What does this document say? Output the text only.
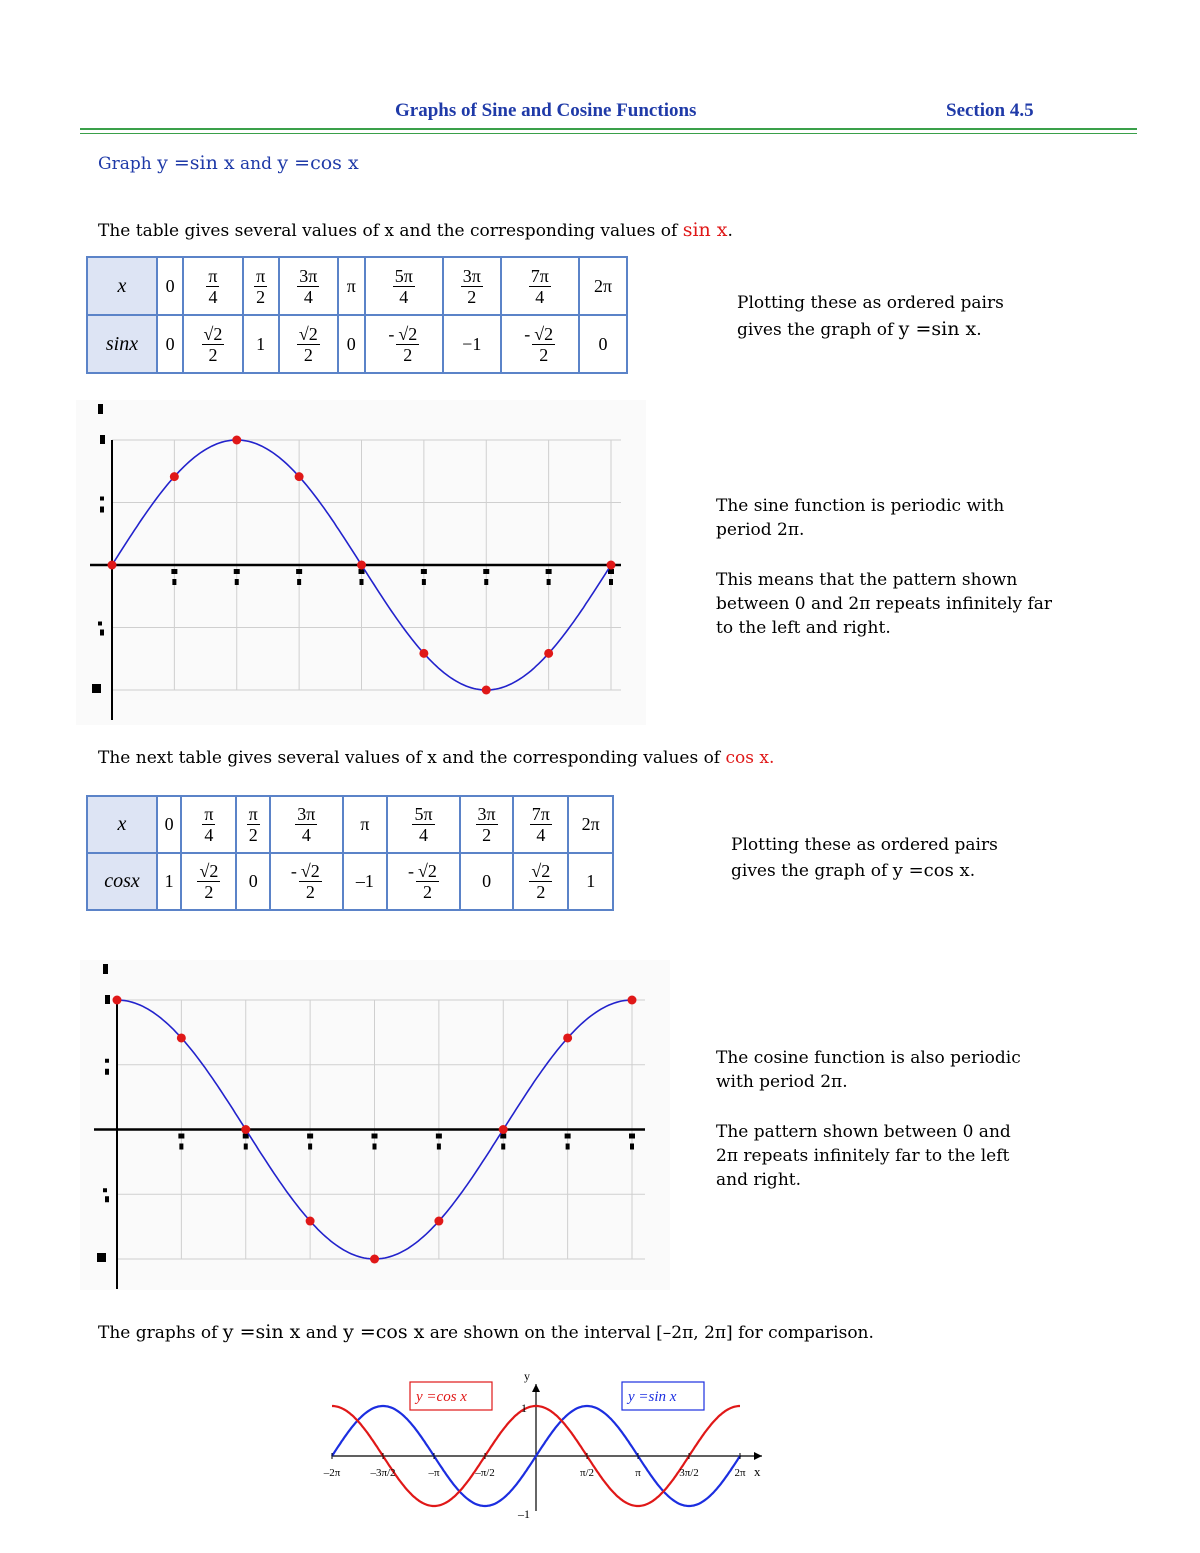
Graphs of Sine and Cosine Functions	Section 4.5
Graph y =sin x and y =cos x
The table gives several values of x and the corresponding values of sin x.
x	0	$\frac{\pi}{4}$	$\frac{\pi}{2}$	$\frac{3\pi}{4}$	π	$\frac{5\pi}{4}$	$\frac{3\pi}{2}$	$\frac{7\pi}{4}$	2π
sinx	0	$\frac{√2}{2}$	1	$\frac{√2}{2}$	0	- $\frac{√2}{2}$	−1	- $\frac{√2}{2}$	0
Plotting these as ordered pairs
gives the graph of y =sin x.
The sine function is periodic with period 2π.
This means that the pattern shown between 0 and 2π repeats infinitely far to the left and right.
The next table gives several values of x and the corresponding values of cos x.
x	0	$\frac{\pi}{4}$	$\frac{\pi}{2}$	$\frac{3\pi}{4}$	π	$\frac{5\pi}{4}$	$\frac{3\pi}{2}$	$\frac{7\pi}{4}$	2π
cosx	1	$\frac{√2}{2}$	0	- $\frac{√2}{2}$	–1	- $\frac{√2}{2}$	0	$\frac{√2}{2}$	1
Plotting these as ordered pairs
gives the graph of y =cos x.
The cosine function is also periodic with period 2π.
The pattern shown between 0 and 2π repeats infinitely far to the left and right.
The graphs of y =sin x and y =cos x are shown on the interval [–2π, 2π] for comparison.
–2π	–3π/2	–π	–π/2	π/2	π	3π/2	2π
1
–1
y
x
y =cos x	y =sin x
